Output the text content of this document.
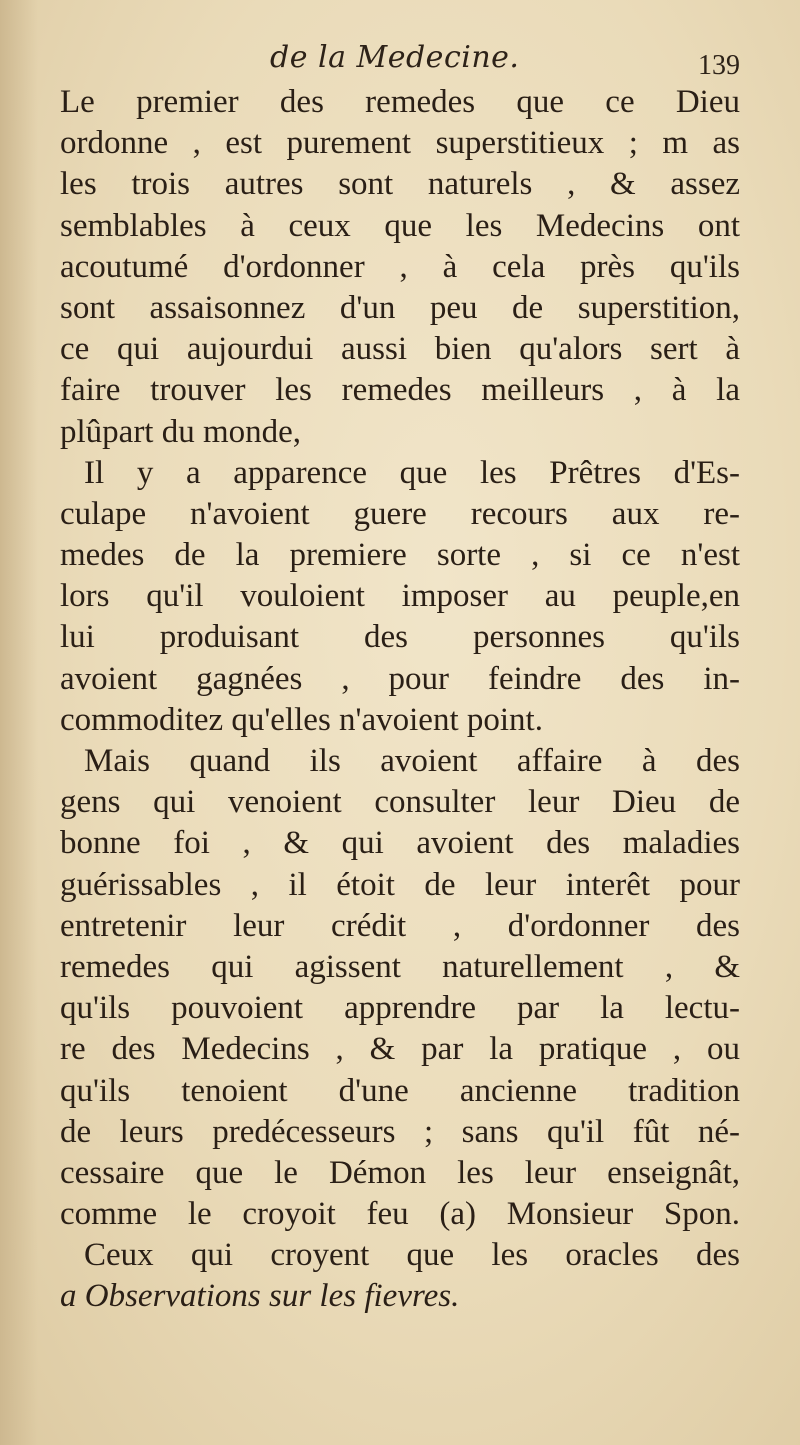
de la Medecine.	139
Le premier des remedes que ce Dieu
ordonne , est purement superstitieux ; m as
les trois autres sont naturels , & assez
semblables à ceux que les Medecins ont
acoutumé d'ordonner , à cela près qu'ils
sont assaisonnez d'un peu de superstition,
ce qui aujourdui aussi bien qu'alors sert à
faire trouver les remedes meilleurs , à la
plûpart du monde,
Il y a apparence que les Prêtres d'Es-
culape n'avoient guere recours aux re-
medes de la premiere sorte , si ce n'est
lors qu'il vouloient imposer au peuple,en
lui produisant des personnes qu'ils
avoient gagnées , pour feindre des in-
commoditez qu'elles n'avoient point.
Mais quand ils avoient affaire à des
gens qui venoient consulter leur Dieu de
bonne foi , & qui avoient des maladies
guérissables , il étoit de leur interêt pour
entretenir leur crédit , d'ordonner des
remedes qui agissent naturellement , &
qu'ils pouvoient apprendre par la lectu-
re des Medecins , & par la pratique , ou
qu'ils tenoient d'une ancienne tradition
de leurs predécesseurs ; sans qu'il fût né-
cessaire que le Démon les leur enseignât,
comme le croyoit feu (a) Monsieur Spon.
Ceux qui croyent que les oracles des
a Observations sur les fievres.
